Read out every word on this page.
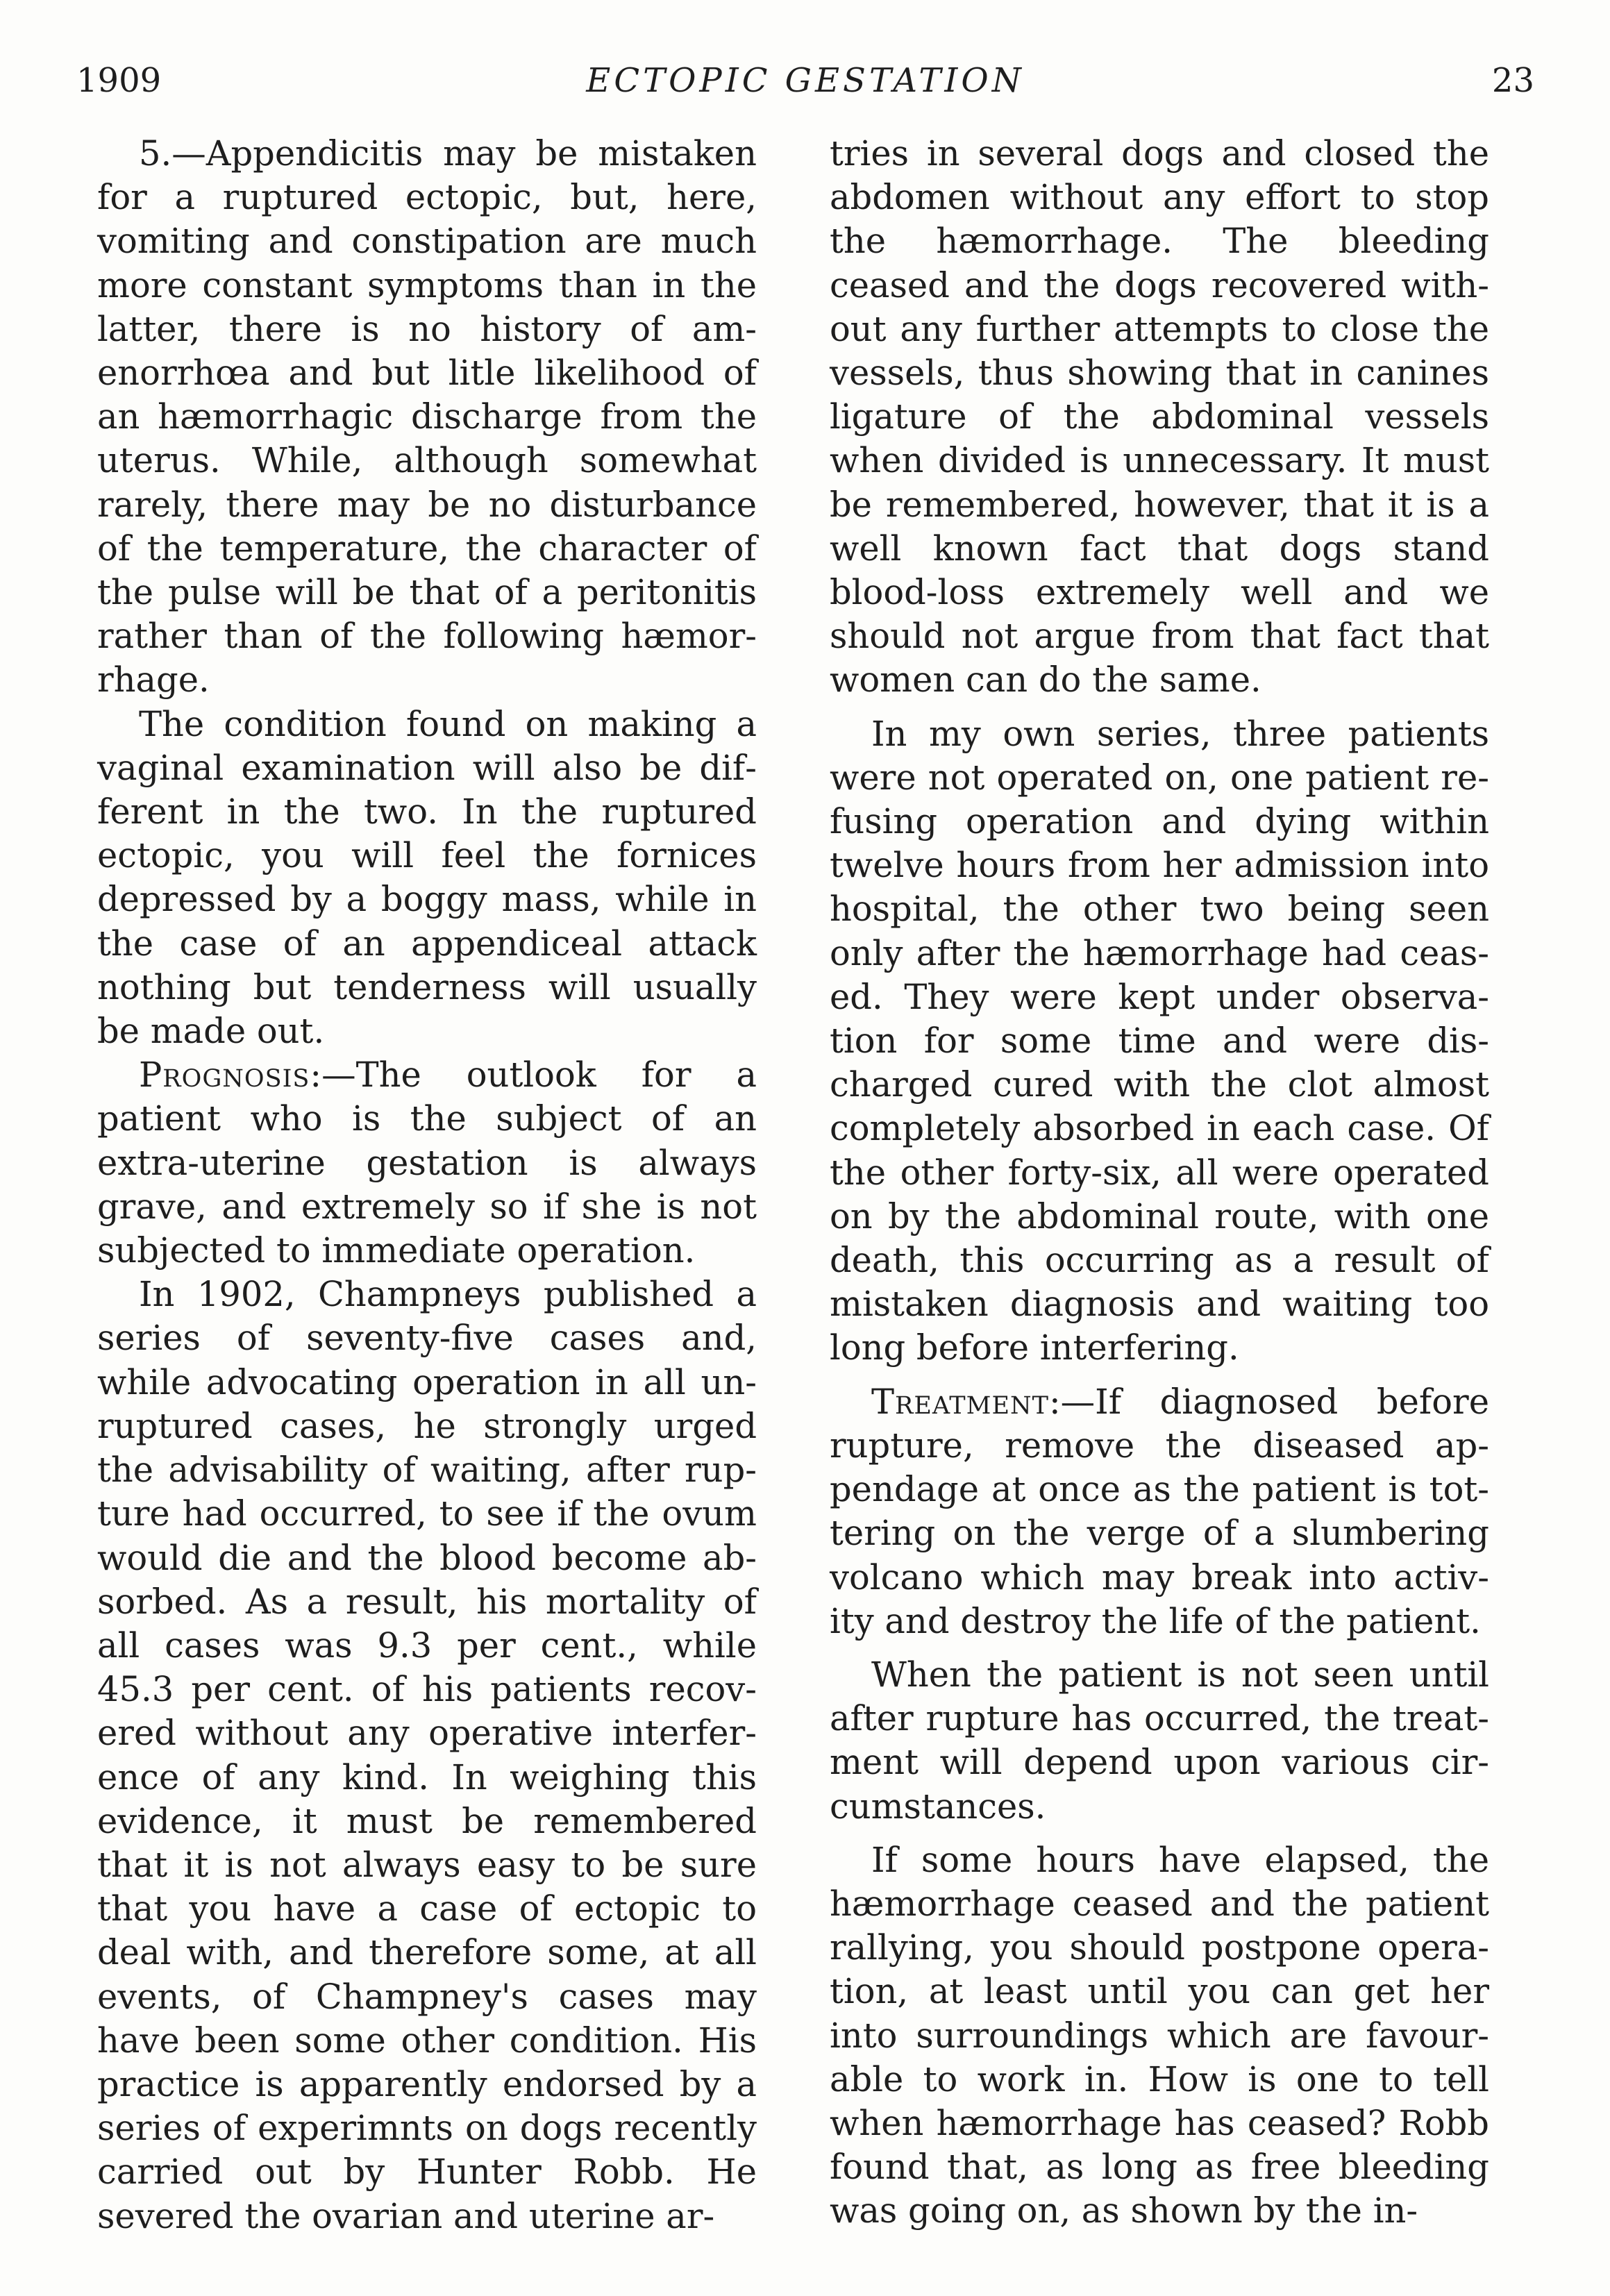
1909	ECTOPIC GESTATION	23

5.—Appendicitis may be mistaken for a ruptured ectopic, but, here, vomiting and constipation are much more constant symptoms than in the latter, there is no history of amenorrhœa and but litle likelihood of an hæmorrhagic discharge from the uterus. While, although somewhat rarely, there may be no disturbance of the temperature, the character of the pulse will be that of a peritonitis rather than of the following hæmorrhage.

The condition found on making a vaginal examination will also be different in the two. In the ruptured ectopic, you will feel the fornices depressed by a boggy mass, while in the case of an appendiceal attack nothing but tenderness will usually be made out.

Prognosis:—The outlook for a patient who is the subject of an extra-uterine gestation is always grave, and extremely so if she is not subjected to immediate operation.

In 1902, Champneys published a series of seventy-five cases and, while advocating operation in all unruptured cases, he strongly urged the advisability of waiting, after rupture had occurred, to see if the ovum would die and the blood become absorbed. As a result, his mortality of all cases was 9.3 per cent., while 45.3 per cent. of his patients recovered without any operative interference of any kind. In weighing this evidence, it must be remembered that it is not always easy to be sure that you have a case of ectopic to deal with, and therefore some, at all events, of Champney's cases may have been some other condition. His practice is apparently endorsed by a series of experimnts on dogs recently carried out by Hunter Robb. He severed the ovarian and uterine ar-

tries in several dogs and closed the abdomen without any effort to stop the hæmorrhage. The bleeding ceased and the dogs recovered without any further attempts to close the vessels, thus showing that in canines ligature of the abdominal vessels when divided is unnecessary. It must be remembered, however, that it is a well known fact that dogs stand blood-loss extremely well and we should not argue from that fact that women can do the same.

In my own series, three patients were not operated on, one patient refusing operation and dying within twelve hours from her admission into hospital, the other two being seen only after the hæmorrhage had ceased. They were kept under observation for some time and were discharged cured with the clot almost completely absorbed in each case. Of the other forty-six, all were operated on by the abdominal route, with one death, this occurring as a result of mistaken diagnosis and waiting too long before interfering.

Treatment:—If diagnosed before rupture, remove the diseased appendage at once as the patient is tottering on the verge of a slumbering volcano which may break into activity and destroy the life of the patient.

When the patient is not seen until after rupture has occurred, the treatment will depend upon various circumstances.

If some hours have elapsed, the hæmorrhage ceased and the patient rallying, you should postpone operation, at least until you can get her into surroundings which are favourable to work in. How is one to tell when hæmorrhage has ceased? Robb found that, as long as free bleeding was going on, as shown by the in-
